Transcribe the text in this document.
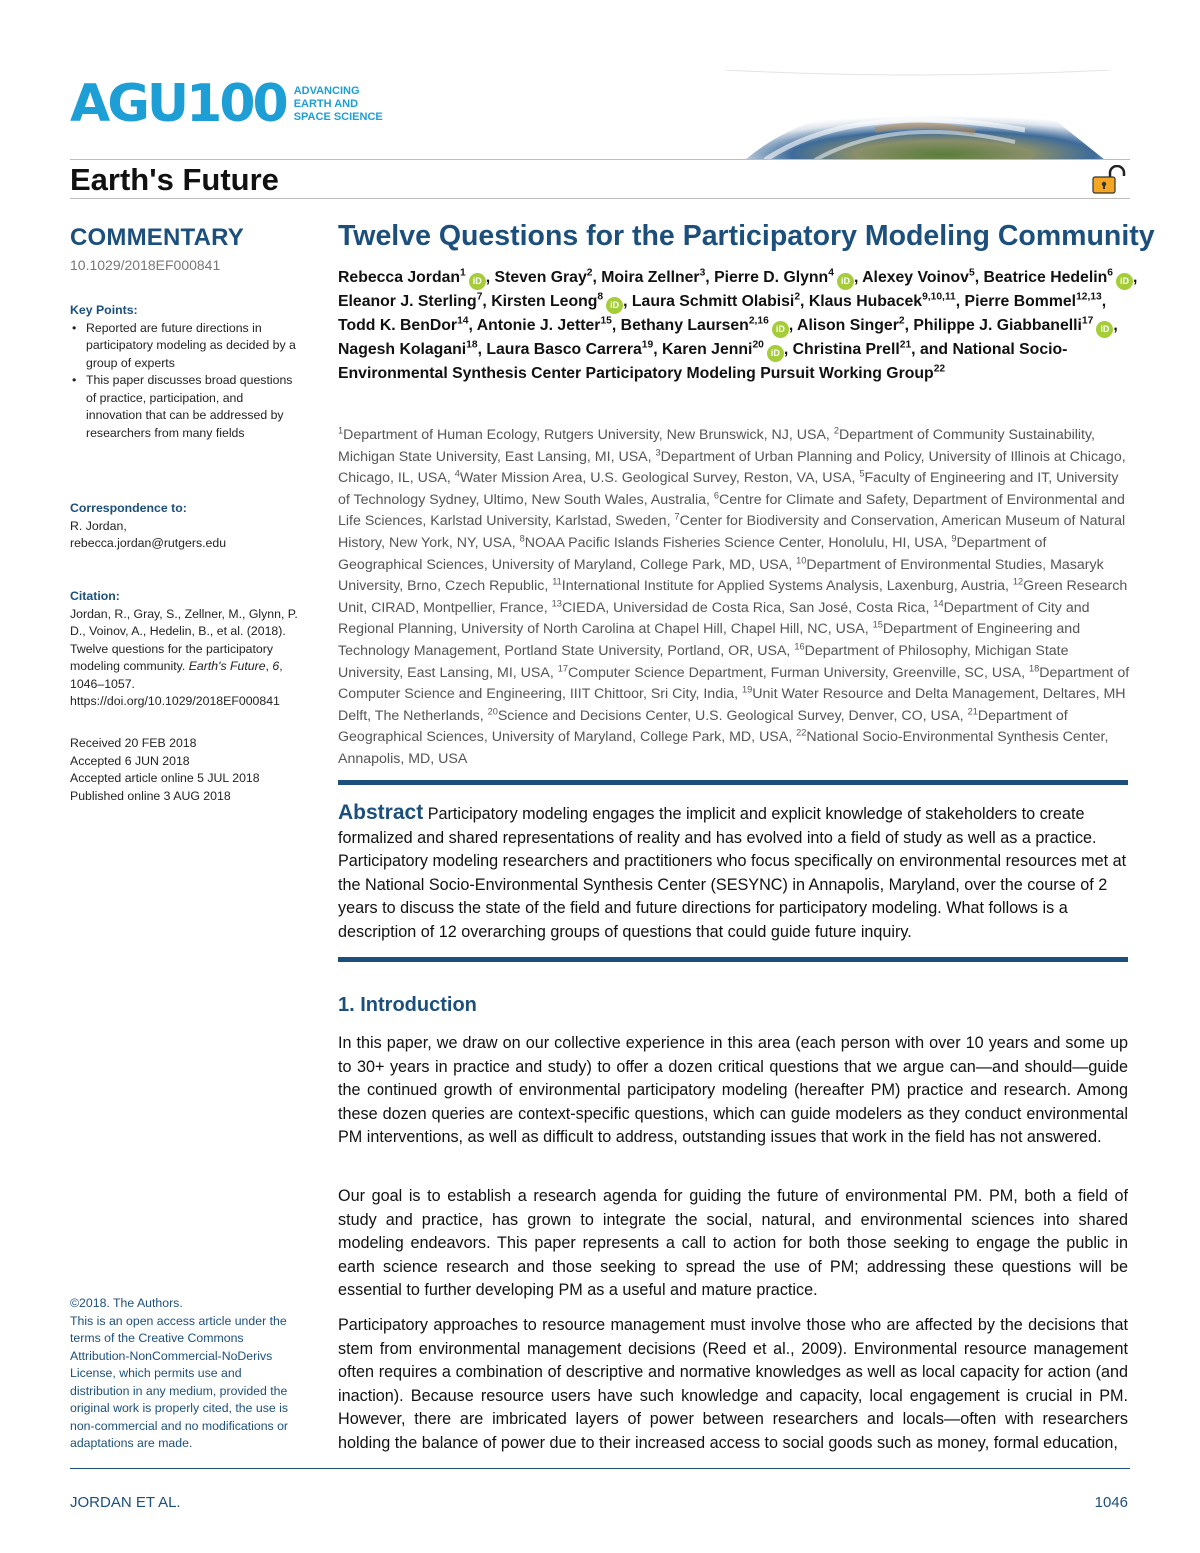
AGU100 ADVANCING
EARTH AND
SPACE SCIENCE
Earth's Future
COMMENTARY
10.1029/2018EF000841
Key Points:
• Reported are future directions in participatory modeling as decided by a group of experts
• This paper discusses broad questions of practice, participation, and innovation that can be addressed by researchers from many fields
Correspondence to:
R. Jordan,
rebecca.jordan@rutgers.edu
Citation:
Jordan, R., Gray, S., Zellner, M., Glynn, P. D., Voinov, A., Hedelin, B., et al. (2018). Twelve questions for the participatory modeling community. Earth's Future, 6, 1046–1057. https://doi.org/10.1029/2018EF000841
Received 20 FEB 2018
Accepted 6 JUN 2018
Accepted article online 5 JUL 2018
Published online 3 AUG 2018
©2018. The Authors.
This is an open access article under the terms of the Creative Commons Attribution-NonCommercial-NoDerivs License, which permits use and distribution in any medium, provided the original work is properly cited, the use is non-commercial and no modifications or adaptations are made.
Twelve Questions for the Participatory Modeling Community
Rebecca Jordan$^1$iD , Steven Gray$^2$, Moira Zellner$^3$, Pierre D. Glynn$^4$iD , Alexey Voinov$^5$, Beatrice Hedelin$^6$iD , Eleanor J. Sterling$^7$, Kirsten Leong$^8$iD , Laura Schmitt Olabisi$^2$, Klaus Hubacek$^{9,10,11}$, Pierre Bommel$^{12,13}$, Todd K. BenDor$^{14}$, Antonie J. Jetter$^{15}$, Bethany Laursen$^{2,16}$iD , Alison Singer$^2$, Philippe J. Giabbanelli$^{17}$iD , Nagesh Kolagani$^{18}$, Laura Basco Carrera$^{19}$, Karen Jenni$^{20}$iD , Christina Prell$^{21}$, and National Socio-Environmental Synthesis Center Participatory Modeling Pursuit Working Group$^{22}$
$^1$Department of Human Ecology, Rutgers University, New Brunswick, NJ, USA, $^2$Department of Community Sustainability, Michigan State University, East Lansing, MI, USA, $^3$Department of Urban Planning and Policy, University of Illinois at Chicago, Chicago, IL, USA, $^4$Water Mission Area, U.S. Geological Survey, Reston, VA, USA, $^5$Faculty of Engineering and IT, University of Technology Sydney, Ultimo, New South Wales, Australia, $^6$Centre for Climate and Safety, Department of Environmental and Life Sciences, Karlstad University, Karlstad, Sweden, $^7$Center for Biodiversity and Conservation, American Museum of Natural History, New York, NY, USA, $^8$NOAA Pacific Islands Fisheries Science Center, Honolulu, HI, USA, $^9$Department of Geographical Sciences, University of Maryland, College Park, MD, USA, $^{10}$Department of Environmental Studies, Masaryk University, Brno, Czech Republic, $^{11}$International Institute for Applied Systems Analysis, Laxenburg, Austria, $^{12}$Green Research Unit, CIRAD, Montpellier, France, $^{13}$CIEDA, Universidad de Costa Rica, San José, Costa Rica, $^{14}$Department of City and Regional Planning, University of North Carolina at Chapel Hill, Chapel Hill, NC, USA, $^{15}$Department of Engineering and Technology Management, Portland State University, Portland, OR, USA, $^{16}$Department of Philosophy, Michigan State University, East Lansing, MI, USA, $^{17}$Computer Science Department, Furman University, Greenville, SC, USA, $^{18}$Department of Computer Science and Engineering, IIIT Chittoor, Sri City, India, $^{19}$Unit Water Resource and Delta Management, Deltares, MH Delft, The Netherlands, $^{20}$Science and Decisions Center, U.S. Geological Survey, Denver, CO, USA, $^{21}$Department of Geographical Sciences, University of Maryland, College Park, MD, USA, $^{22}$National Socio-Environmental Synthesis Center, Annapolis, MD, USA
Abstract Participatory modeling engages the implicit and explicit knowledge of stakeholders to create formalized and shared representations of reality and has evolved into a field of study as well as a practice. Participatory modeling researchers and practitioners who focus specifically on environmental resources met at the National Socio-Environmental Synthesis Center (SESYNC) in Annapolis, Maryland, over the course of 2 years to discuss the state of the field and future directions for participatory modeling. What follows is a description of 12 overarching groups of questions that could guide future inquiry.
1. Introduction

In this paper, we draw on our collective experience in this area (each person with over 10 years and some up to 30+ years in practice and study) to offer a dozen critical questions that we argue can—and should—guide the continued growth of environmental participatory modeling (hereafter PM) practice and research. Among these dozen queries are context-specific questions, which can guide modelers as they conduct environmental PM interventions, as well as difficult to address, outstanding issues that work in the field has not answered.

Our goal is to establish a research agenda for guiding the future of environmental PM. PM, both a field of study and practice, has grown to integrate the social, natural, and environmental sciences into shared modeling endeavors. This paper represents a call to action for both those seeking to engage the public in earth science research and those seeking to spread the use of PM; addressing these questions will be essential to further developing PM as a useful and mature practice.

Participatory approaches to resource management must involve those who are affected by the decisions that stem from environmental management decisions (Reed et al., 2009). Environmental resource management often requires a combination of descriptive and normative knowledges as well as local capacity for action (and inaction). Because resource users have such knowledge and capacity, local engagement is crucial in PM. However, there are imbricated layers of power between researchers and locals—often with researchers holding the balance of power due to their increased access to social goods such as money, formal education,

JORDAN ET AL.	1046
